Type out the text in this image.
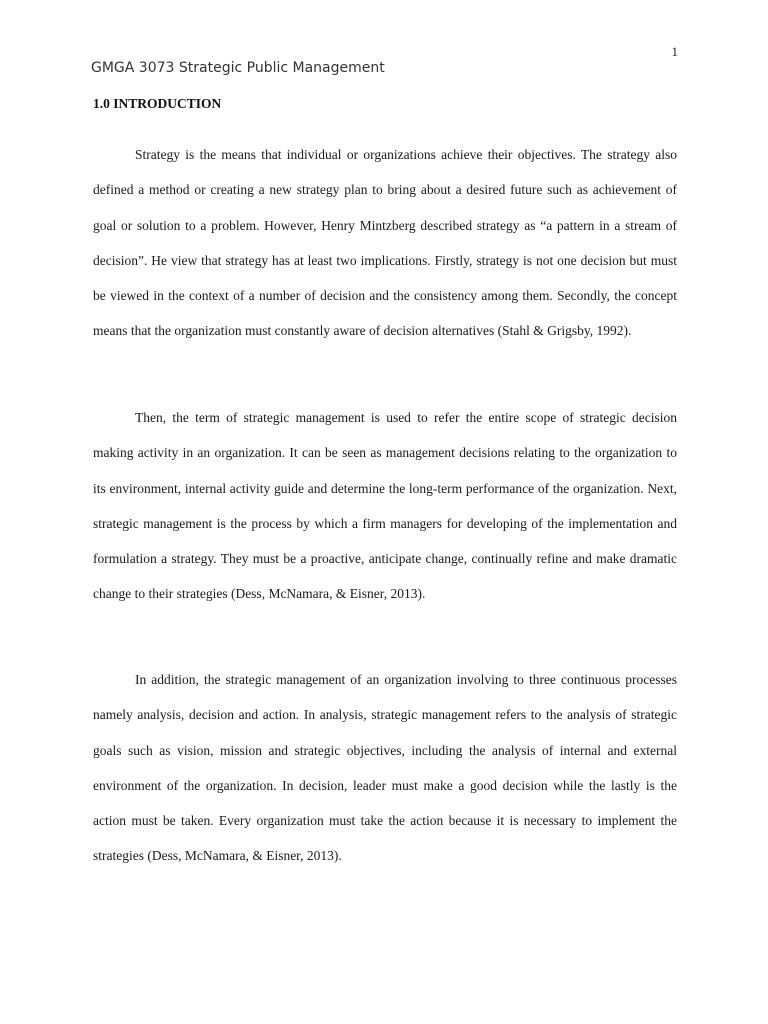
1
GMGA 3073 Strategic Public Management
1.0 INTRODUCTION

Strategy is the means that individual or organizations achieve their objectives. The strategy also defined a method or creating a new strategy plan to bring about a desired future such as achievement of goal or solution to a problem. However, Henry Mintzberg described strategy as “a pattern in a stream of decision”. He view that strategy has at least two implications. Firstly, strategy is not one decision but must be viewed in the context of a number of decision and the consistency among them. Secondly, the concept means that the organization must constantly aware of decision alternatives (Stahl & Grigsby, 1992).

Then, the term of strategic management is used to refer the entire scope of strategic decision making activity in an organization. It can be seen as management decisions relating to the organization to its environment, internal activity guide and determine the long-term performance of the organization. Next, strategic management is the process by which a firm managers for developing of the implementation and formulation a strategy. They must be a proactive, anticipate change, continually refine and make dramatic change to their strategies (Dess, McNamara, & Eisner, 2013).

In addition, the strategic management of an organization involving to three continuous processes namely analysis, decision and action. In analysis, strategic management refers to the analysis of strategic goals such as vision, mission and strategic objectives, including the analysis of internal and external environment of the organization. In decision, leader must make a good decision while the lastly is the action must be taken. Every organization must take the action because it is necessary to implement the strategies (Dess, McNamara, & Eisner, 2013).
